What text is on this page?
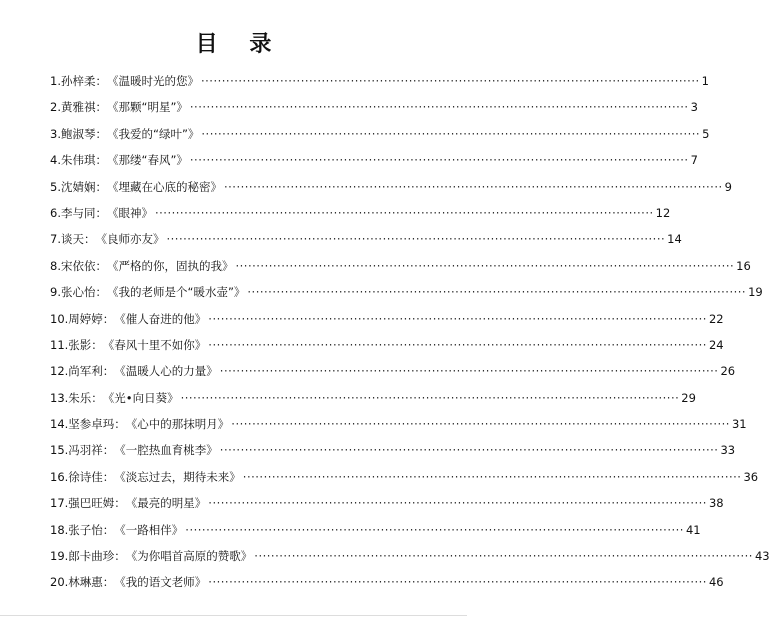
目 录
1. 孙梓柔： 《温暖时光的您》 ························································································································ 1
2. 黄雅祺： 《那颗“明星”》 ························································································································ 3
3. 鲍淑琴： 《我爱的“绿叶”》 ························································································································ 5
4. 朱伟琪： 《那缕“春风”》 ························································································································ 7
5. 沈婧娴： 《埋藏在心底的秘密》 ························································································································ 9
6. 李与同： 《眼神》 ························································································································ 12
7. 谈天： 《良师亦友》 ························································································································ 14
8. 宋依依： 《严格的你，固执的我》 ························································································································ 16
9. 张心怡： 《我的老师是个“暖水壶”》 ························································································································ 19
10. 周婷婷： 《催人奋进的他》 ························································································································ 22
11. 张影： 《春风十里不如你》 ························································································································ 24
12. 尚军利： 《温暖人心的力量》 ························································································································ 26
13. 朱乐： 《光•向日葵》 ························································································································ 29
14. 坚参卓玛： 《心中的那抹明月》 ························································································································ 31
15. 冯羽祥： 《一腔热血育桃李》 ························································································································ 33
16. 徐诗佳： 《淡忘过去，期待未来》 ························································································································ 36
17. 强巴旺姆： 《最亮的明星》 ························································································································ 38
18. 张子怡： 《一路相伴》 ························································································································ 41
19. 郎卡曲珍： 《为你唱首高原的赞歌》 ························································································································ 43
20. 林琳惠： 《我的语文老师》 ························································································································ 46
